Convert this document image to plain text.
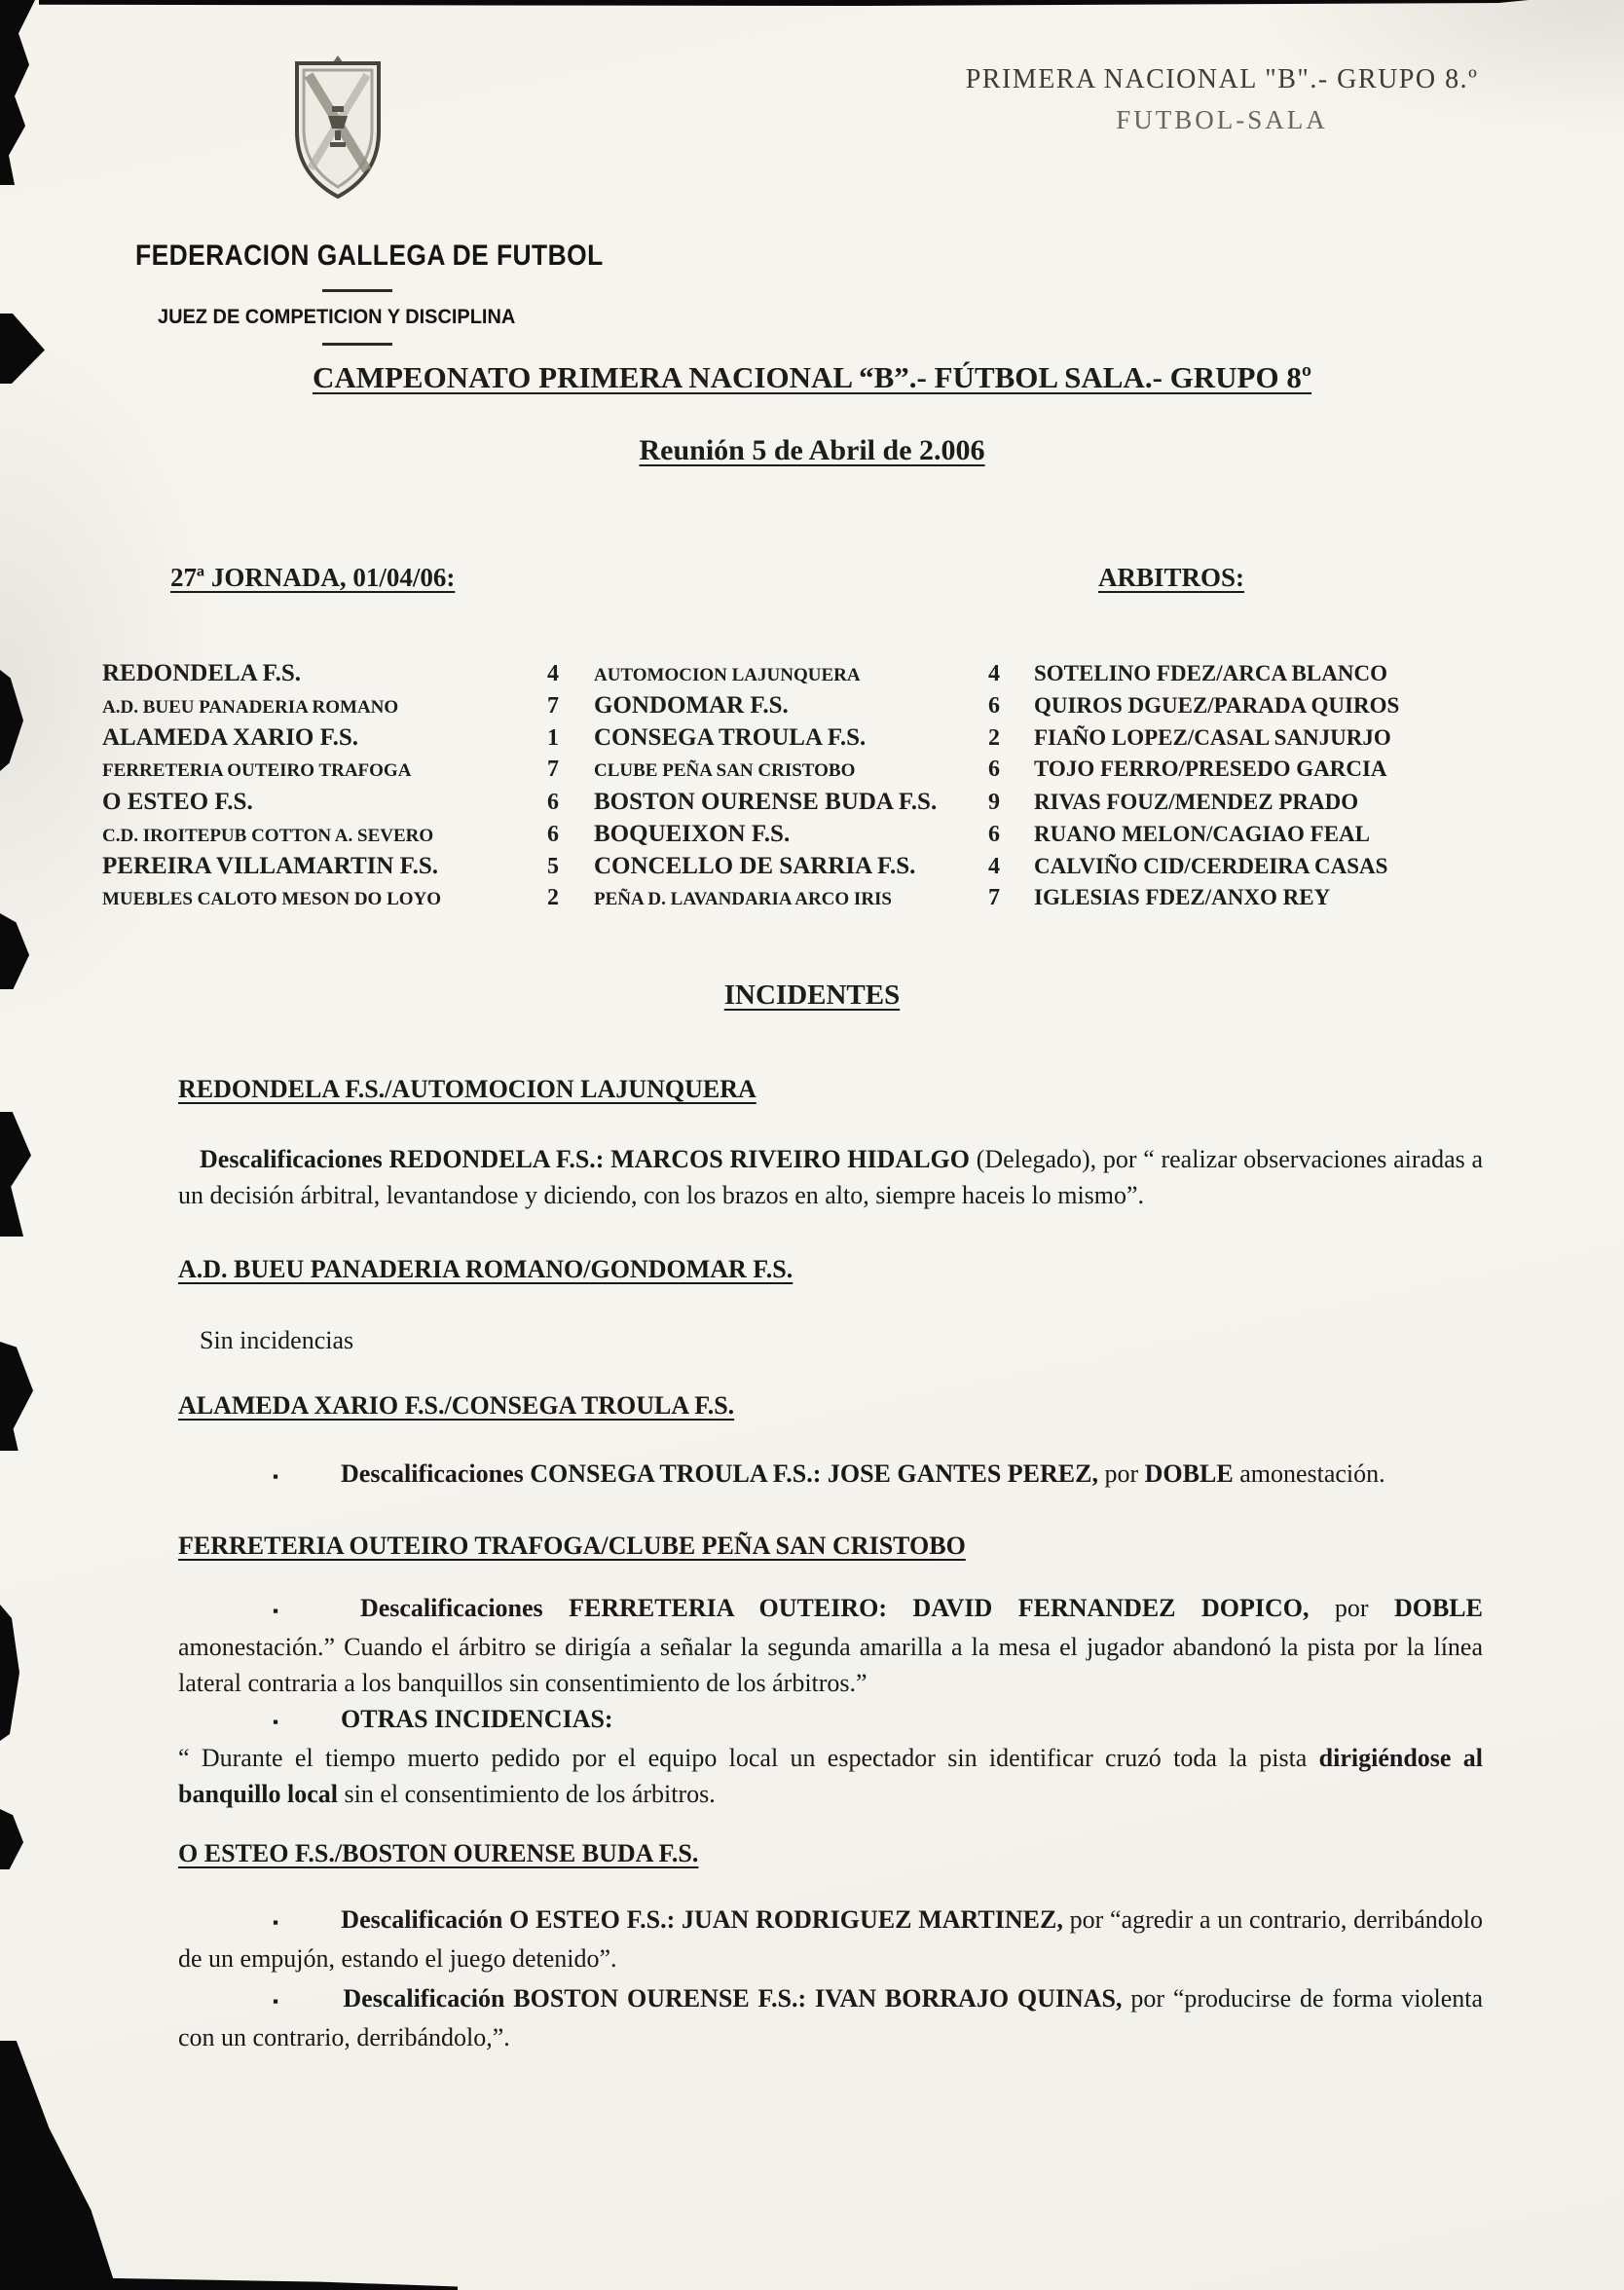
PRIMERA NACIONAL "B".- GRUPO 8.º
FUTBOL-SALA
FEDERACION GALLEGA DE FUTBOL
JUEZ DE COMPETICION Y DISCIPLINA
CAMPEONATO PRIMERA NACIONAL “B”.- FÚTBOL SALA.- GRUPO 8º
Reunión 5 de Abril de 2.006
27ª JORNADA, 01/04/06:	ARBITROS:
REDONDELA F.S.	4	AUTOMOCION LAJUNQUERA	4	SOTELINO FDEZ/ARCA BLANCO
A.D. BUEU PANADERIA ROMANO	7	GONDOMAR F.S.	6	QUIROS DGUEZ/PARADA QUIROS
ALAMEDA XARIO F.S.	1	CONSEGA TROULA F.S.	2	FIAÑO LOPEZ/CASAL SANJURJO
FERRETERIA OUTEIRO TRAFOGA	7	CLUBE PEÑA SAN CRISTOBO	6	TOJO FERRO/PRESEDO GARCIA
O ESTEO F.S.	6	BOSTON OURENSE BUDA F.S.	9	RIVAS FOUZ/MENDEZ PRADO
C.D. IROITEPUB COTTON A. SEVERO	6	BOQUEIXON F.S.	6	RUANO MELON/CAGIAO FEAL
PEREIRA VILLAMARTIN F.S.	5	CONCELLO DE SARRIA F.S.	4	CALVIÑO CID/CERDEIRA CASAS
MUEBLES CALOTO MESON DO LOYO	2	PEÑA D. LAVANDARIA ARCO IRIS	7	IGLESIAS FDEZ/ANXO REY
INCIDENTES
REDONDELA F.S./AUTOMOCION LAJUNQUERA

Descalificaciones REDONDELA F.S.: MARCOS RIVEIRO HIDALGO (Delegado), por “ realizar observaciones airadas a un decisión árbitral, levantandose y diciendo, con los brazos en alto, siempre haceis lo mismo”.

A.D. BUEU PANADERIA ROMANO/GONDOMAR F.S.

Sin incidencias

ALAMEDA XARIO F.S./CONSEGA TROULA F.S.

▪ Descalificaciones CONSEGA TROULA F.S.: JOSE GANTES PEREZ, por DOBLE amonestación.

FERRETERIA OUTEIRO TRAFOGA/CLUBE PEÑA SAN CRISTOBO

▪ Descalificaciones FERRETERIA OUTEIRO: DAVID FERNANDEZ DOPICO, por DOBLE amonestación.” Cuando el árbitro se dirigía a señalar la segunda amarilla a la mesa el jugador abandonó la pista por la línea lateral contraria a los banquillos sin consentimiento de los árbitros.”

▪ OTRAS INCIDENCIAS:

“ Durante el tiempo muerto pedido por el equipo local un espectador sin identificar cruzó toda la pista dirigiéndose al banquillo local sin el consentimiento de los árbitros.

O ESTEO F.S./BOSTON OURENSE BUDA F.S.

▪ Descalificación O ESTEO F.S.: JUAN RODRIGUEZ MARTINEZ, por “agredir a un contrario, derribándolo de un empujón, estando el juego detenido”.

▪ Descalificación BOSTON OURENSE F.S.: IVAN BORRAJO QUINAS, por “producirse de forma violenta con un contrario, derribándolo,”.
